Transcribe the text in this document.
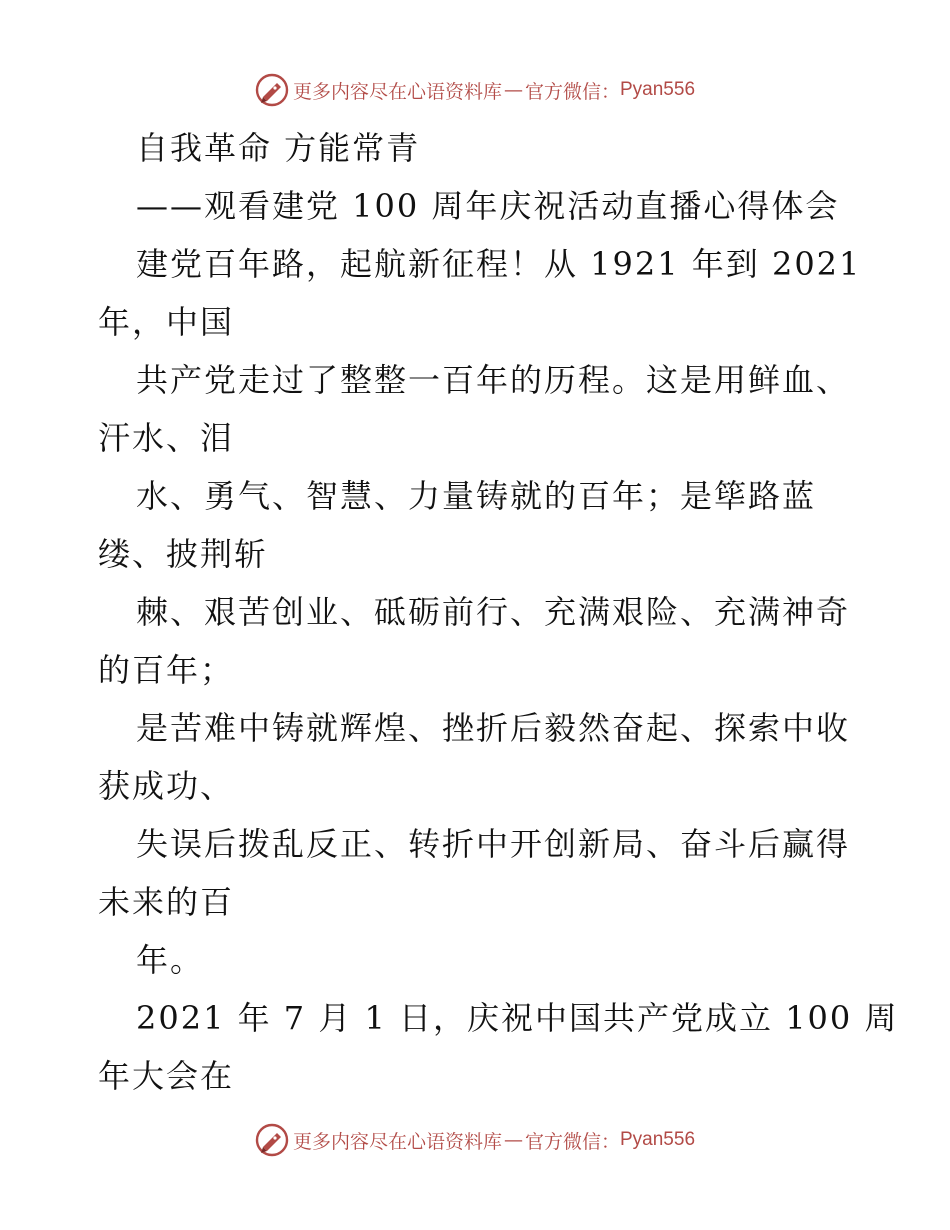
更多内容尽在心语资料库 — 官方微信： Pyan556
自我革命 方能常青
——观看建党 100 周年庆祝活动直播心得体会
建党百年路，起航新征程！从 1921 年到 2021
年，中国
共产党走过了整整一百年的历程。这是用鲜血、
汗水、泪
水、勇气、智慧、力量铸就的百年；是筚路蓝
缕、披荆斩
棘、艰苦创业、砥砺前行、充满艰险、充满神奇
的百年；
是苦难中铸就辉煌、挫折后毅然奋起、探索中收
获成功、
失误后拨乱反正、转折中开创新局、奋斗后赢得
未来的百
年。
2021 年 7 月 1 日，庆祝中国共产党成立 100 周
年大会在
更多内容尽在心语资料库 — 官方微信： Pyan556
